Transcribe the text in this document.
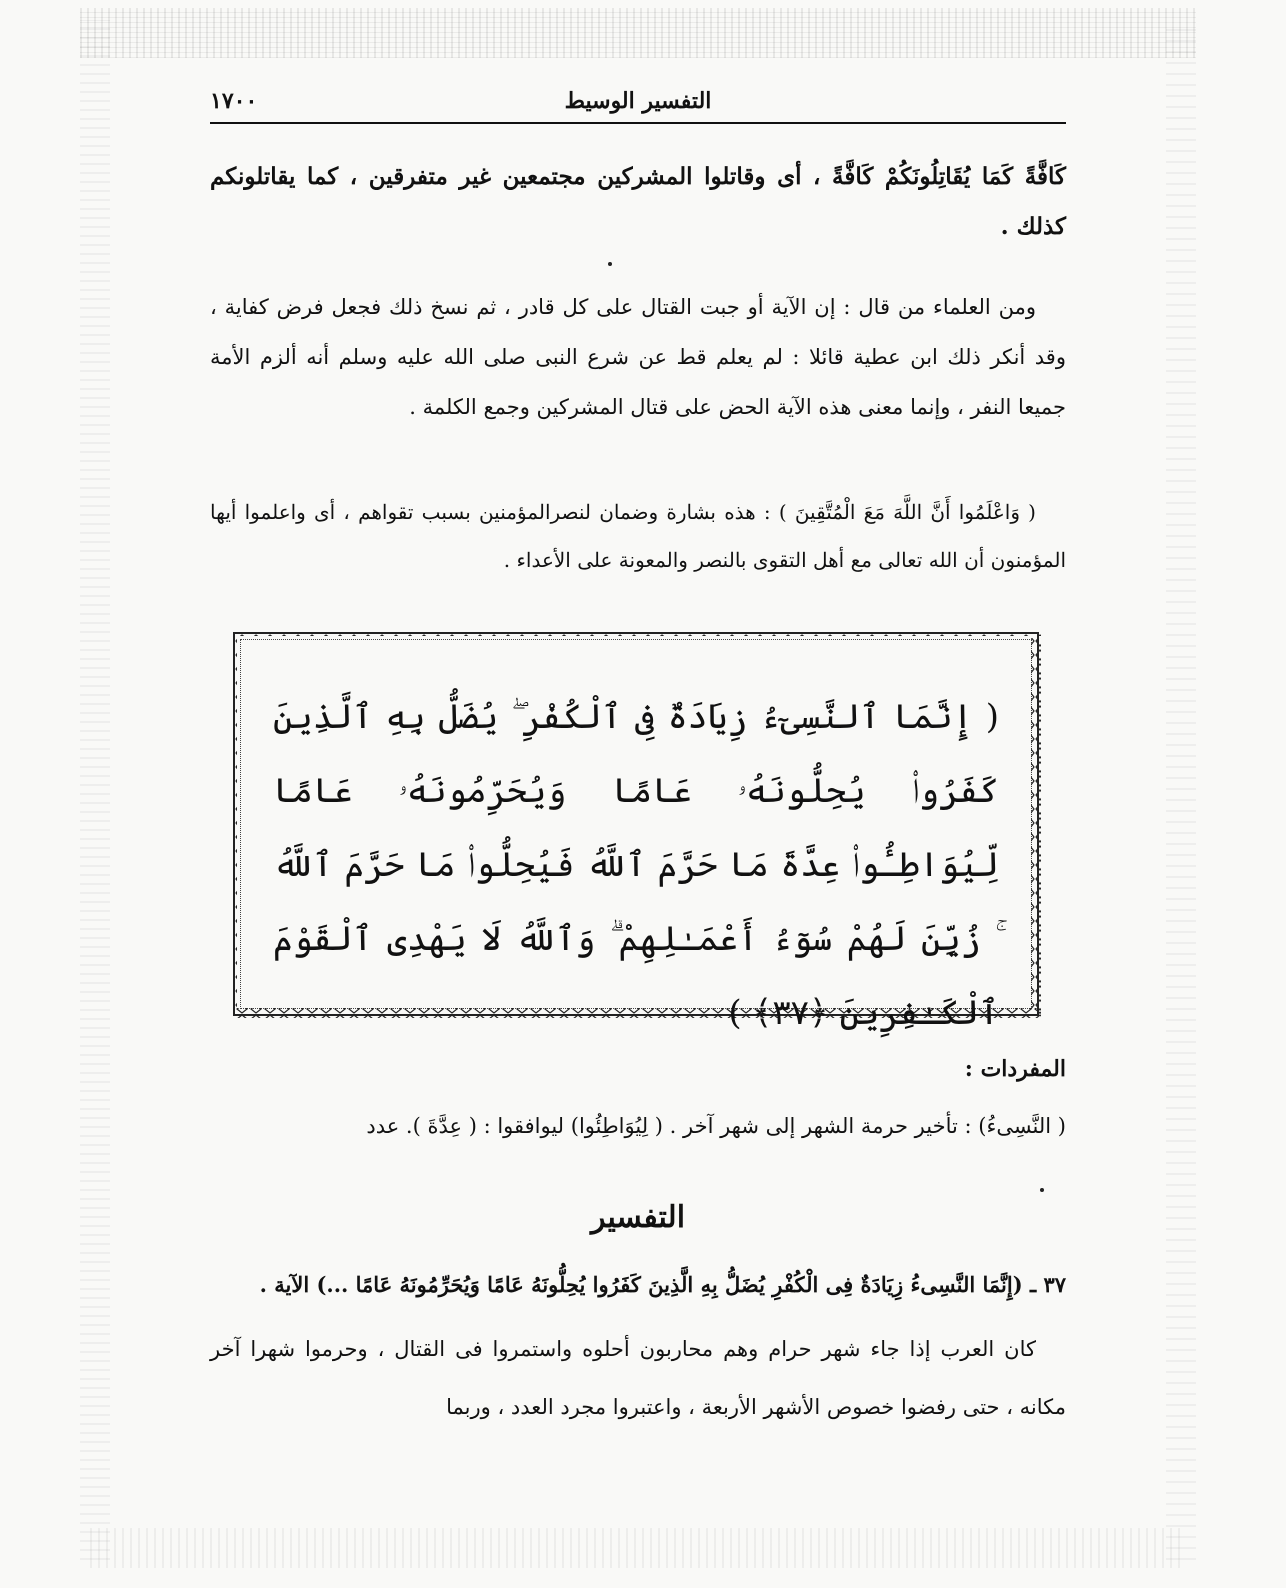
التفسير الوسيط
١٧٠٠
كَافَّةً كَمَا يُقَاتِلُونَكُمْ كَافَّةً ، أى وقاتلوا المشركين مجتمعين غير متفرقين ، كما يقاتلونكم كذلك .
ومن العلماء من قال : إن الآية أو جبت القتال على كل قادر ، ثم نسخ ذلك فجعل فرض كفاية ، وقد أنكر ذلك ابن عطية قائلا : لم يعلم قط عن شرع النبى صلى الله عليه وسلم أنه ألزم الأمة جميعا النفر ، وإنما معنى هذه الآية الحض على قتال المشركين وجمع الكلمة .
( وَاعْلَمُوا أَنَّ اللَّهَ مَعَ الْمُتَّقِينَ ) : هذه بشارة وضمان لنصرالمؤمنين بسبب تقواهم ، أى واعلموا أيها المؤمنون أن الله تعالى مع أهل التقوى بالنصر والمعونة على الأعداء .
( إِنَّمَا ٱلنَّسِىٓءُ زِيَادَةٌ فِى ٱلْكُفْرِ ۖ يُضَلُّ بِهِ ٱلَّذِينَ كَفَرُوا۟ يُحِلُّونَهُۥ عَامًا وَيُحَرِّمُونَهُۥ عَامًا لِّيُوَاطِـُٔوا۟ عِدَّةَ مَا حَرَّمَ ٱللَّهُ فَيُحِلُّوا۟ مَا حَرَّمَ ٱللَّهُ ۚ زُيِّنَ لَهُمْ سُوٓءُ أَعْمَـٰلِهِمْ ۗ وَٱللَّهُ لَا يَهْدِى ٱلْقَوْمَ ٱلْكَـٰفِرِينَ ﴿٣٧﴾ )
المفردات :
( النَّسِىءُ) : تأخير حرمة الشهر إلى شهر آخر . ( لِيُوَاطِئُوا) ليوافقوا : ( عِدَّةَ ). عدد
التفسير
٣٧ ـ (إِنَّمَا النَّسِىءُ زِيَادَةٌ فِى الْكُفْرِ يُضَلُّ بِهِ الَّذِينَ كَفَرُوا يُحِلُّونَهُ عَامًا وَيُحَرِّمُونَهُ عَامًا ...) الآية .
كان العرب إذا جاء شهر حرام وهم محاربون أحلوه واستمروا فى القتال ، وحرموا شهرا آخر مكانه ، حتى رفضوا خصوص الأشهر الأربعة ، واعتبروا مجرد العدد ، وربما
